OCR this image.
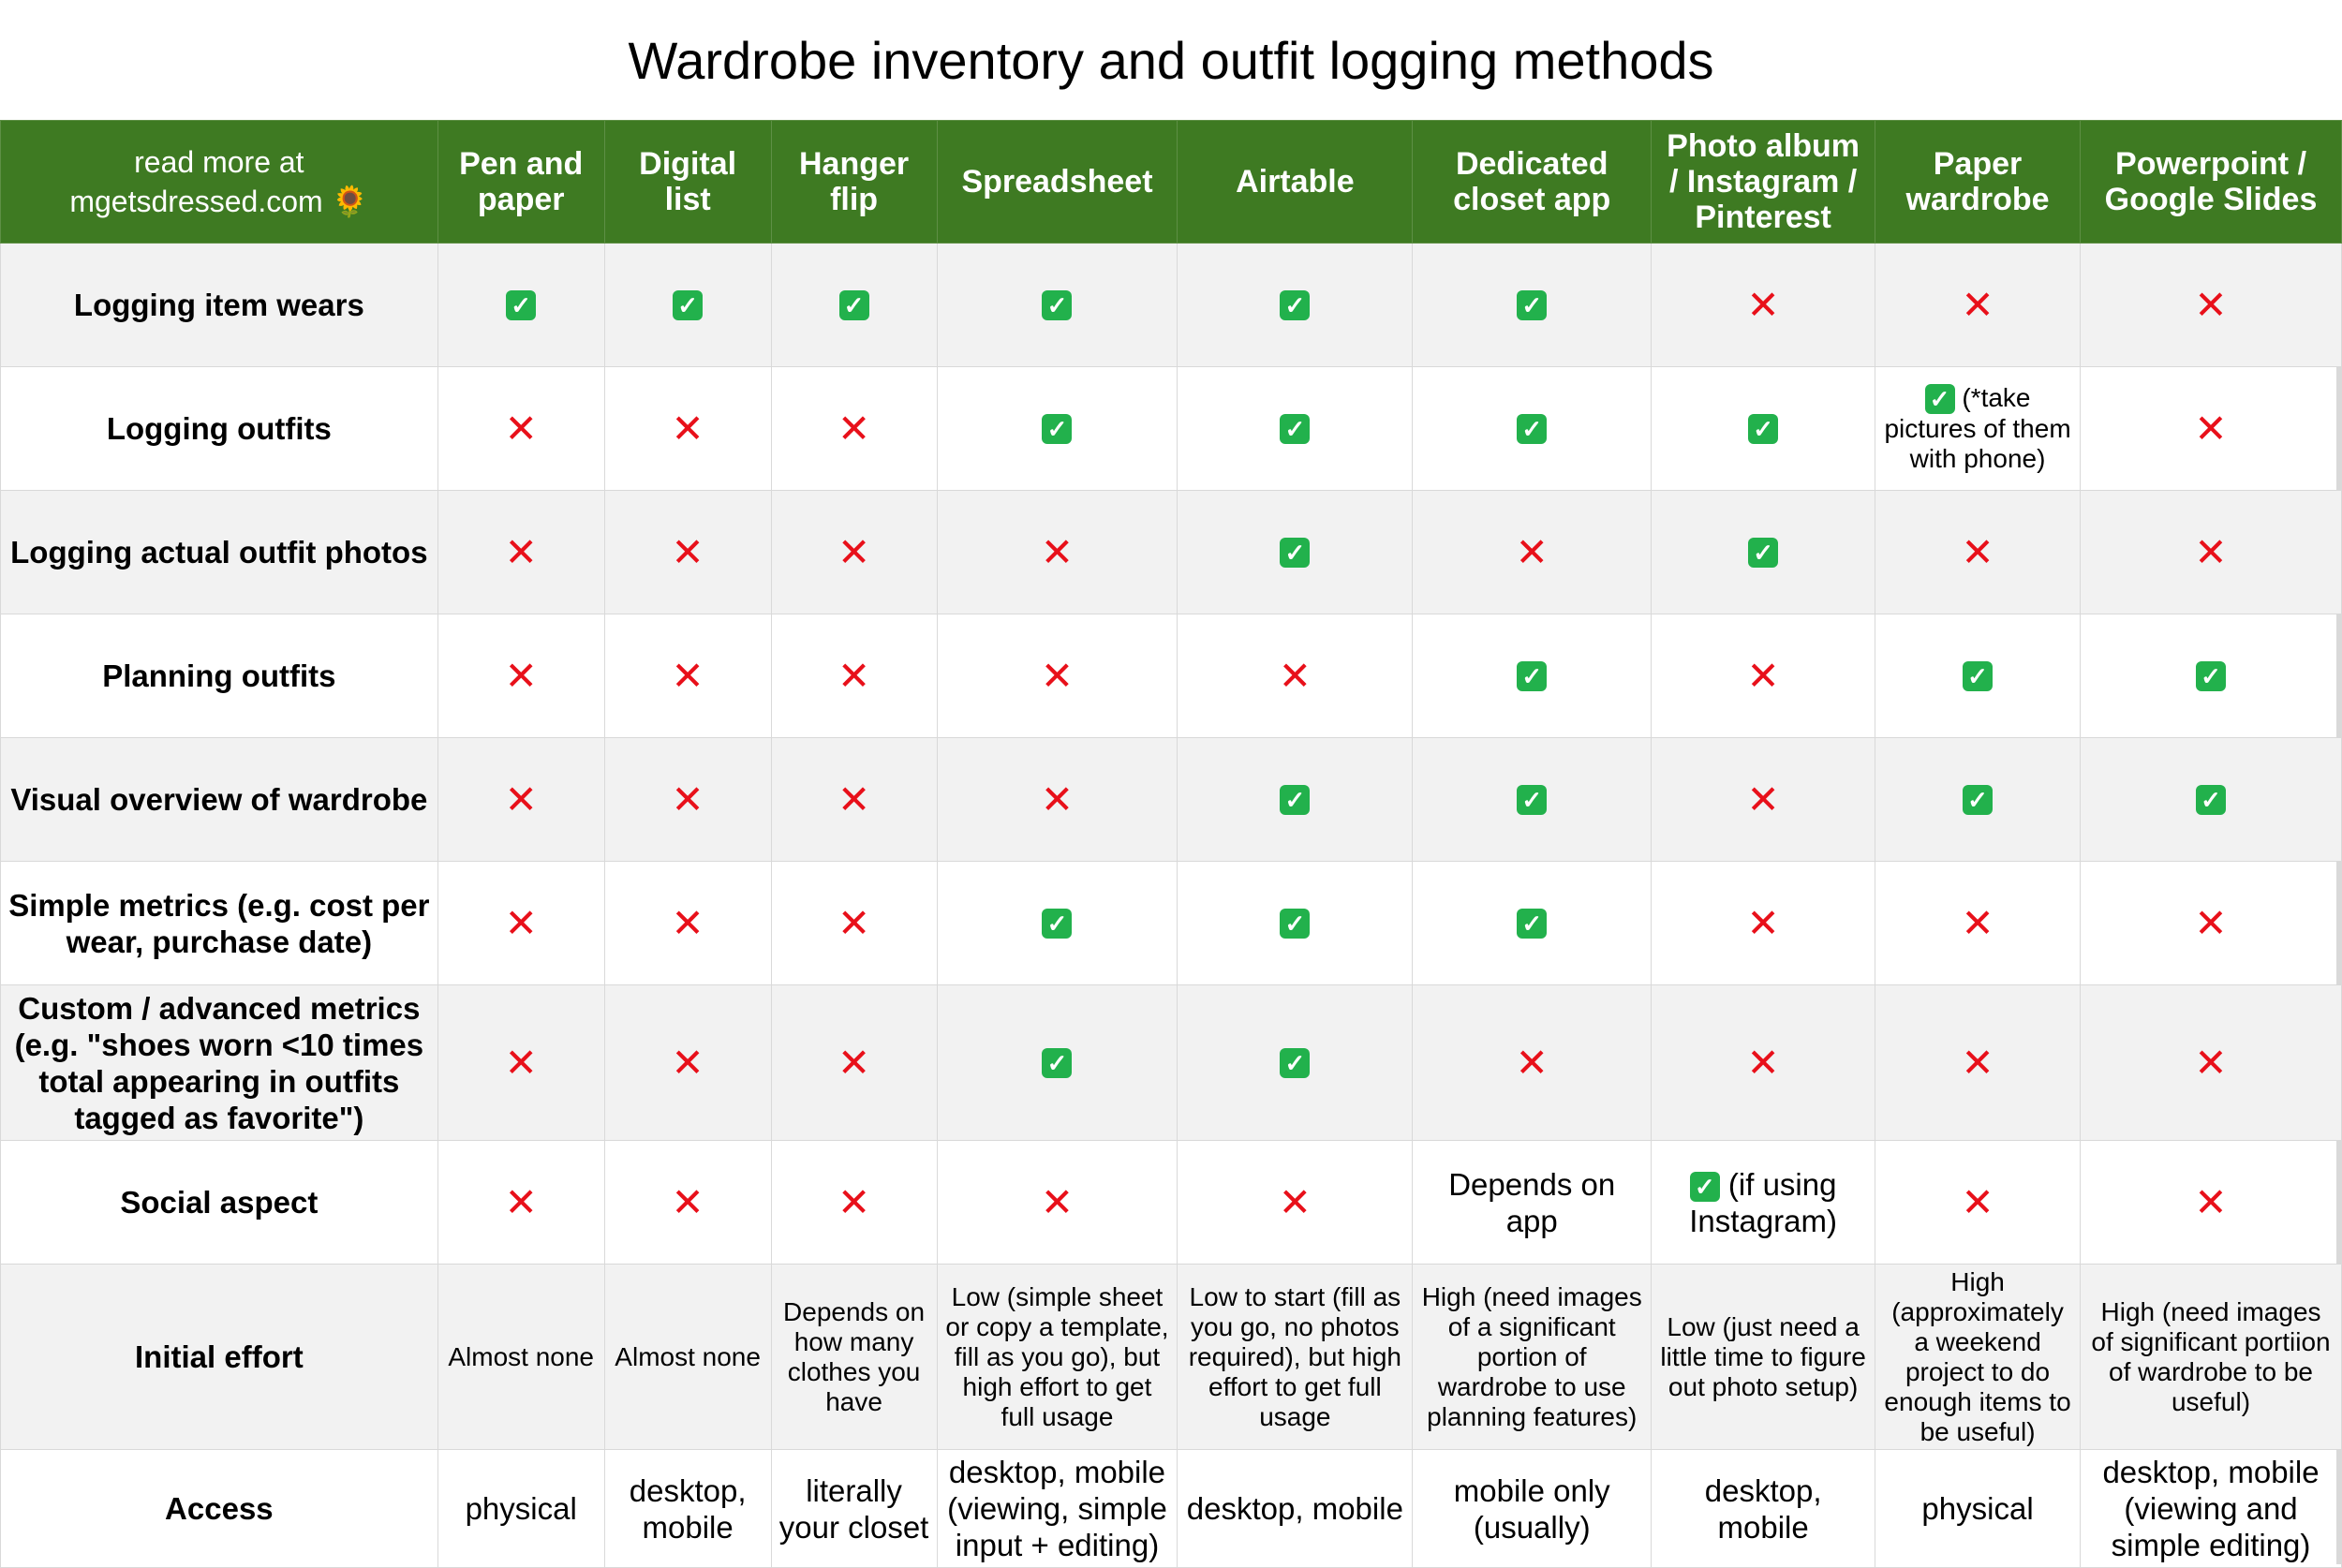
Wardrobe inventory and outfit logging methods
read more at
mgetsdressed.com 🌻	Pen and paper	Digital list	Hanger flip	Spreadsheet	Airtable	Dedicated closet app	Photo album / Instagram / Pinterest	Paper wardrobe	Powerpoint / Google Slides
Logging item wears	✓	✓	✓	✓	✓	✓	✕	✕	✕
Logging outfits	✕	✕	✕	✓	✓	✓	✓	✓ (*take pictures of them with phone)	✕
Logging actual outfit photos	✕	✕	✕	✕	✓	✕	✓	✕	✕
Planning outfits	✕	✕	✕	✕	✕	✓	✕	✓	✓
Visual overview of wardrobe	✕	✕	✕	✕	✓	✓	✕	✓	✓
Simple metrics (e.g. cost per wear, purchase date)	✕	✕	✕	✓	✓	✓	✕	✕	✕
Custom / advanced metrics (e.g. "shoes worn <10 times total appearing in outfits tagged as favorite")	✕	✕	✕	✓	✓	✕	✕	✕	✕
Social aspect	✕	✕	✕	✕	✕	Depends on app	✓ (if using Instagram)	✕	✕
Initial effort	Almost none	Almost none	Depends on how many clothes you have	Low (simple sheet or copy a template, fill as you go), but high effort to get full usage	Low to start (fill as you go, no photos required), but high effort to get full usage	High (need images of a significant portion of wardrobe to use planning features)	Low (just need a little time to figure out photo setup)	High (approximately a weekend project to do enough items to be useful)	High (need images of significant portiion of wardrobe to be useful)
Access	physical	desktop, mobile	literally your closet	desktop, mobile (viewing, simple input + editing)	desktop, mobile	mobile only (usually)	desktop, mobile	physical	desktop, mobile (viewing and simple editing)
